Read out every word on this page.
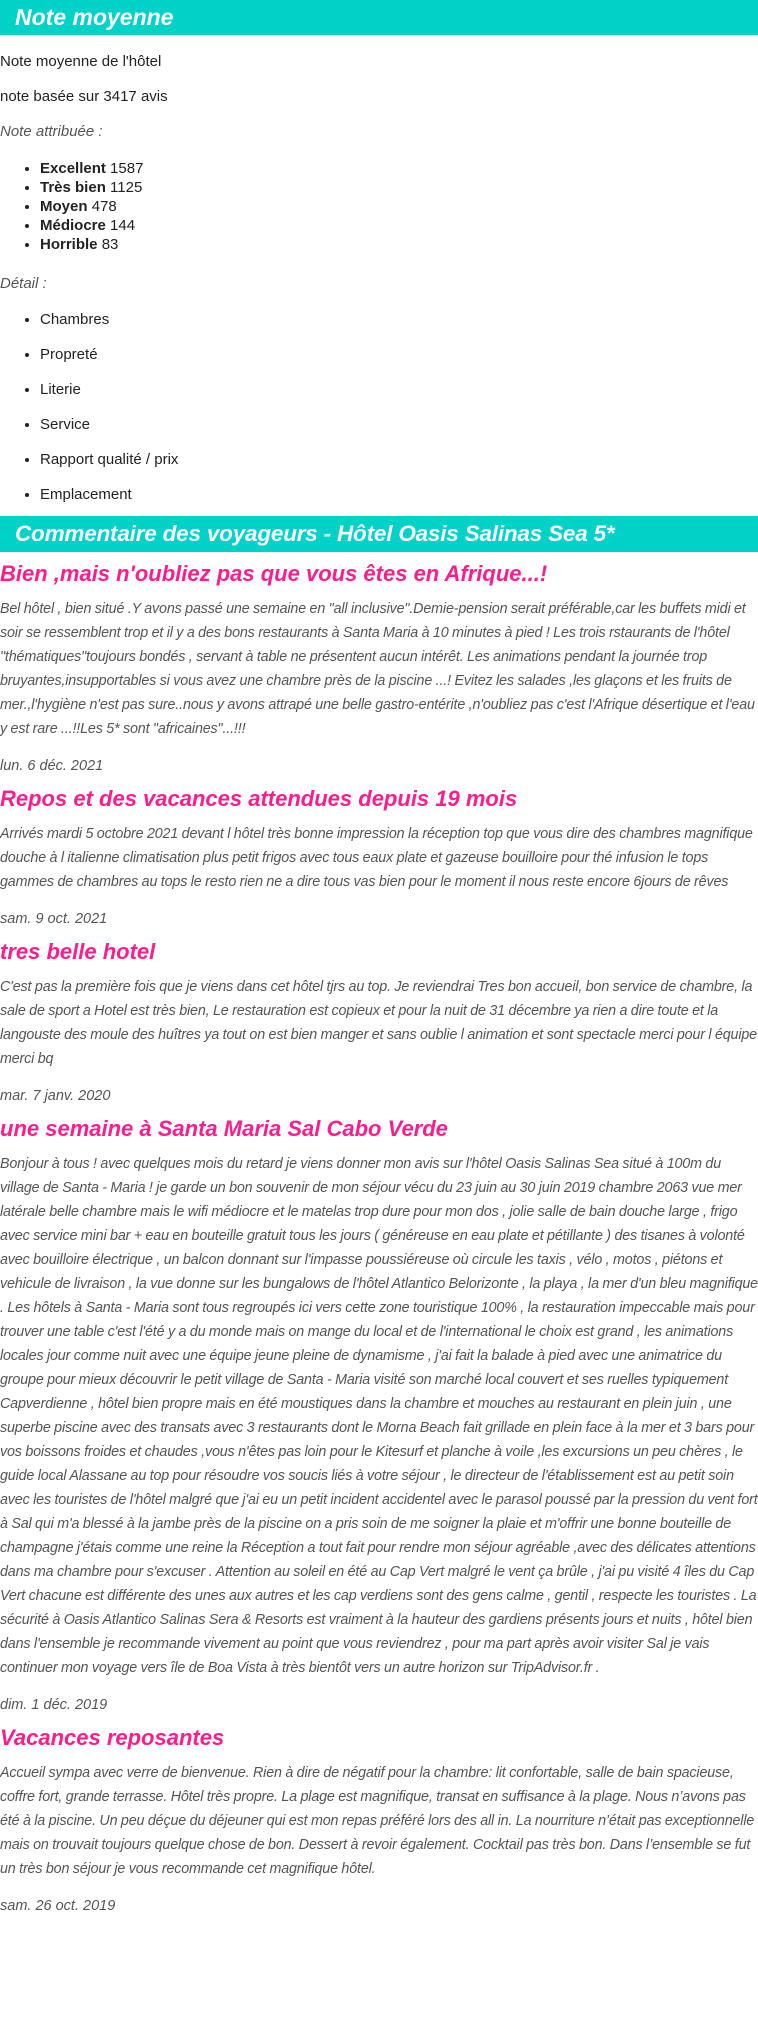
Note moyenne

Note moyenne de l'hôtel

note basée sur 3417 avis

Note attribuée :

• Excellent 1587
• Très bien 1125
• Moyen 478
• Médiocre 144
• Horrible 83

Détail :

• Chambres
• Propreté
• Literie
• Service
• Rapport qualité / prix
• Emplacement
Commentaire des voyageurs - Hôtel Oasis Salinas Sea 5*
Bien ,mais n'oubliez pas que vous êtes en Afrique...!

Bel hôtel , bien situé .Y avons passé une semaine en "all inclusive".Demie-pension serait préférable,car les buffets midi et soir se ressemblent trop et il y a des bons restaurants à Santa Maria à 10 minutes à pied ! Les trois rstaurants de l'hôtel "thématiques"toujours bondés , servant à table ne présentent aucun intérêt. Les animations pendant la journée trop bruyantes,insupportables si vous avez une chambre près de la piscine ...! Evitez les salades ,les glaçons et les fruits de mer.,l'hygiène n'est pas sure..nous y avons attrapé une belle gastro-entérite ,n'oubliez pas c'est l'Afrique désertique et l'eau y est rare ...!!Les 5* sont "africaines"...!!!

lun. 6 déc. 2021

Repos et des vacances attendues depuis 19 mois

Arrivés mardi 5 octobre 2021 devant l hôtel très bonne impression la réception top que vous dire des chambres magnifique douche à l italienne climatisation plus petit frigos avec tous eaux plate et gazeuse bouilloire pour thé infusion le tops gammes de chambres au tops le resto rien ne a dire tous vas bien pour le moment il nous reste encore 6jours de rêves

sam. 9 oct. 2021

tres belle hotel

C'est pas la première fois que je viens dans cet hôtel tjrs au top. Je reviendrai Tres bon accueil, bon service de chambre, la sale de sport a Hotel est très bien, Le restauration est copieux et pour la nuit de 31 décembre ya rien a dire toute et la langouste des moule des huîtres ya tout on est bien manger et sans oublie l animation et sont spectacle merci pour l équipe merci bq

mar. 7 janv. 2020

une semaine à Santa Maria Sal Cabo Verde

Bonjour à tous ! avec quelques mois du retard je viens donner mon avis sur l'hôtel Oasis Salinas Sea situé à 100m du village de Santa - Maria ! je garde un bon souvenir de mon séjour vécu du 23 juin au 30 juin 2019 chambre 2063 vue mer latérale belle chambre mais le wifi médiocre et le matelas trop dure pour mon dos , jolie salle de bain douche large , frigo avec service mini bar + eau en bouteille gratuit tous les jours ( généreuse en eau plate et pétillante ) des tisanes à volonté avec bouilloire électrique , un balcon donnant sur l'impasse poussiéreuse où circule les taxis , vélo , motos , piétons et vehicule de livraison , la vue donne sur les bungalows de l'hôtel Atlantico Belorizonte , la playa , la mer d'un bleu magnifique . Les hôtels à Santa - Maria sont tous regroupés ici vers cette zone touristique 100% , la restauration impeccable mais pour trouver une table c'est l'été y a du monde mais on mange du local et de l'international le choix est grand , les animations locales jour comme nuit avec une équipe jeune pleine de dynamisme , j'ai fait la balade à pied avec une animatrice du groupe pour mieux découvrir le petit village de Santa - Maria visité son marché local couvert et ses ruelles typiquement Capverdienne , hôtel bien propre mais en été moustiques dans la chambre et mouches au restaurant en plein juin , une superbe piscine avec des transats avec 3 restaurants dont le Morna Beach fait grillade en plein face à la mer et 3 bars pour vos boissons froides et chaudes ,vous n'êtes pas loin pour le Kitesurf et planche à voile ,les excursions un peu chères , le guide local Alassane au top pour résoudre vos soucis liés à votre séjour , le directeur de l'établissement est au petit soin avec les touristes de l'hôtel malgré que j'ai eu un petit incident accidentel avec le parasol poussé par la pression du vent fort à Sal qui m'a blessé à la jambe près de la piscine on a pris soin de me soigner la plaie et m'offrir une bonne bouteille de champagne j'étais comme une reine la Réception a tout fait pour rendre mon séjour agréable ,avec des délicates attentions dans ma chambre pour s'excuser . Attention au soleil en été au Cap Vert malgré le vent ça brûle , j'ai pu visité 4 îles du Cap Vert chacune est différente des unes aux autres et les cap verdiens sont des gens calme , gentil , respecte les touristes . La sécurité à Oasis Atlantico Salinas Sera & Resorts est vraiment à la hauteur des gardiens présents jours et nuits , hôtel bien dans l'ensemble je recommande vivement au point que vous reviendrez , pour ma part après avoir visiter Sal je vais continuer mon voyage vers île de Boa Vista à très bientôt vers un autre horizon sur TripAdvisor.fr .

dim. 1 déc. 2019

Vacances reposantes

Accueil sympa avec verre de bienvenue. Rien à dire de négatif pour la chambre: lit confortable, salle de bain spacieuse, coffre fort, grande terrasse. Hôtel très propre. La plage est magnifique, transat en suffisance à la plage. Nous n’avons pas été à la piscine. Un peu déçue du déjeuner qui est mon repas préféré lors des all in. La nourriture n’était pas exceptionnelle mais on trouvait toujours quelque chose de bon. Dessert à revoir également. Cocktail pas très bon. Dans l’ensemble se fut un très bon séjour je vous recommande cet magnifique hôtel.

sam. 26 oct. 2019
